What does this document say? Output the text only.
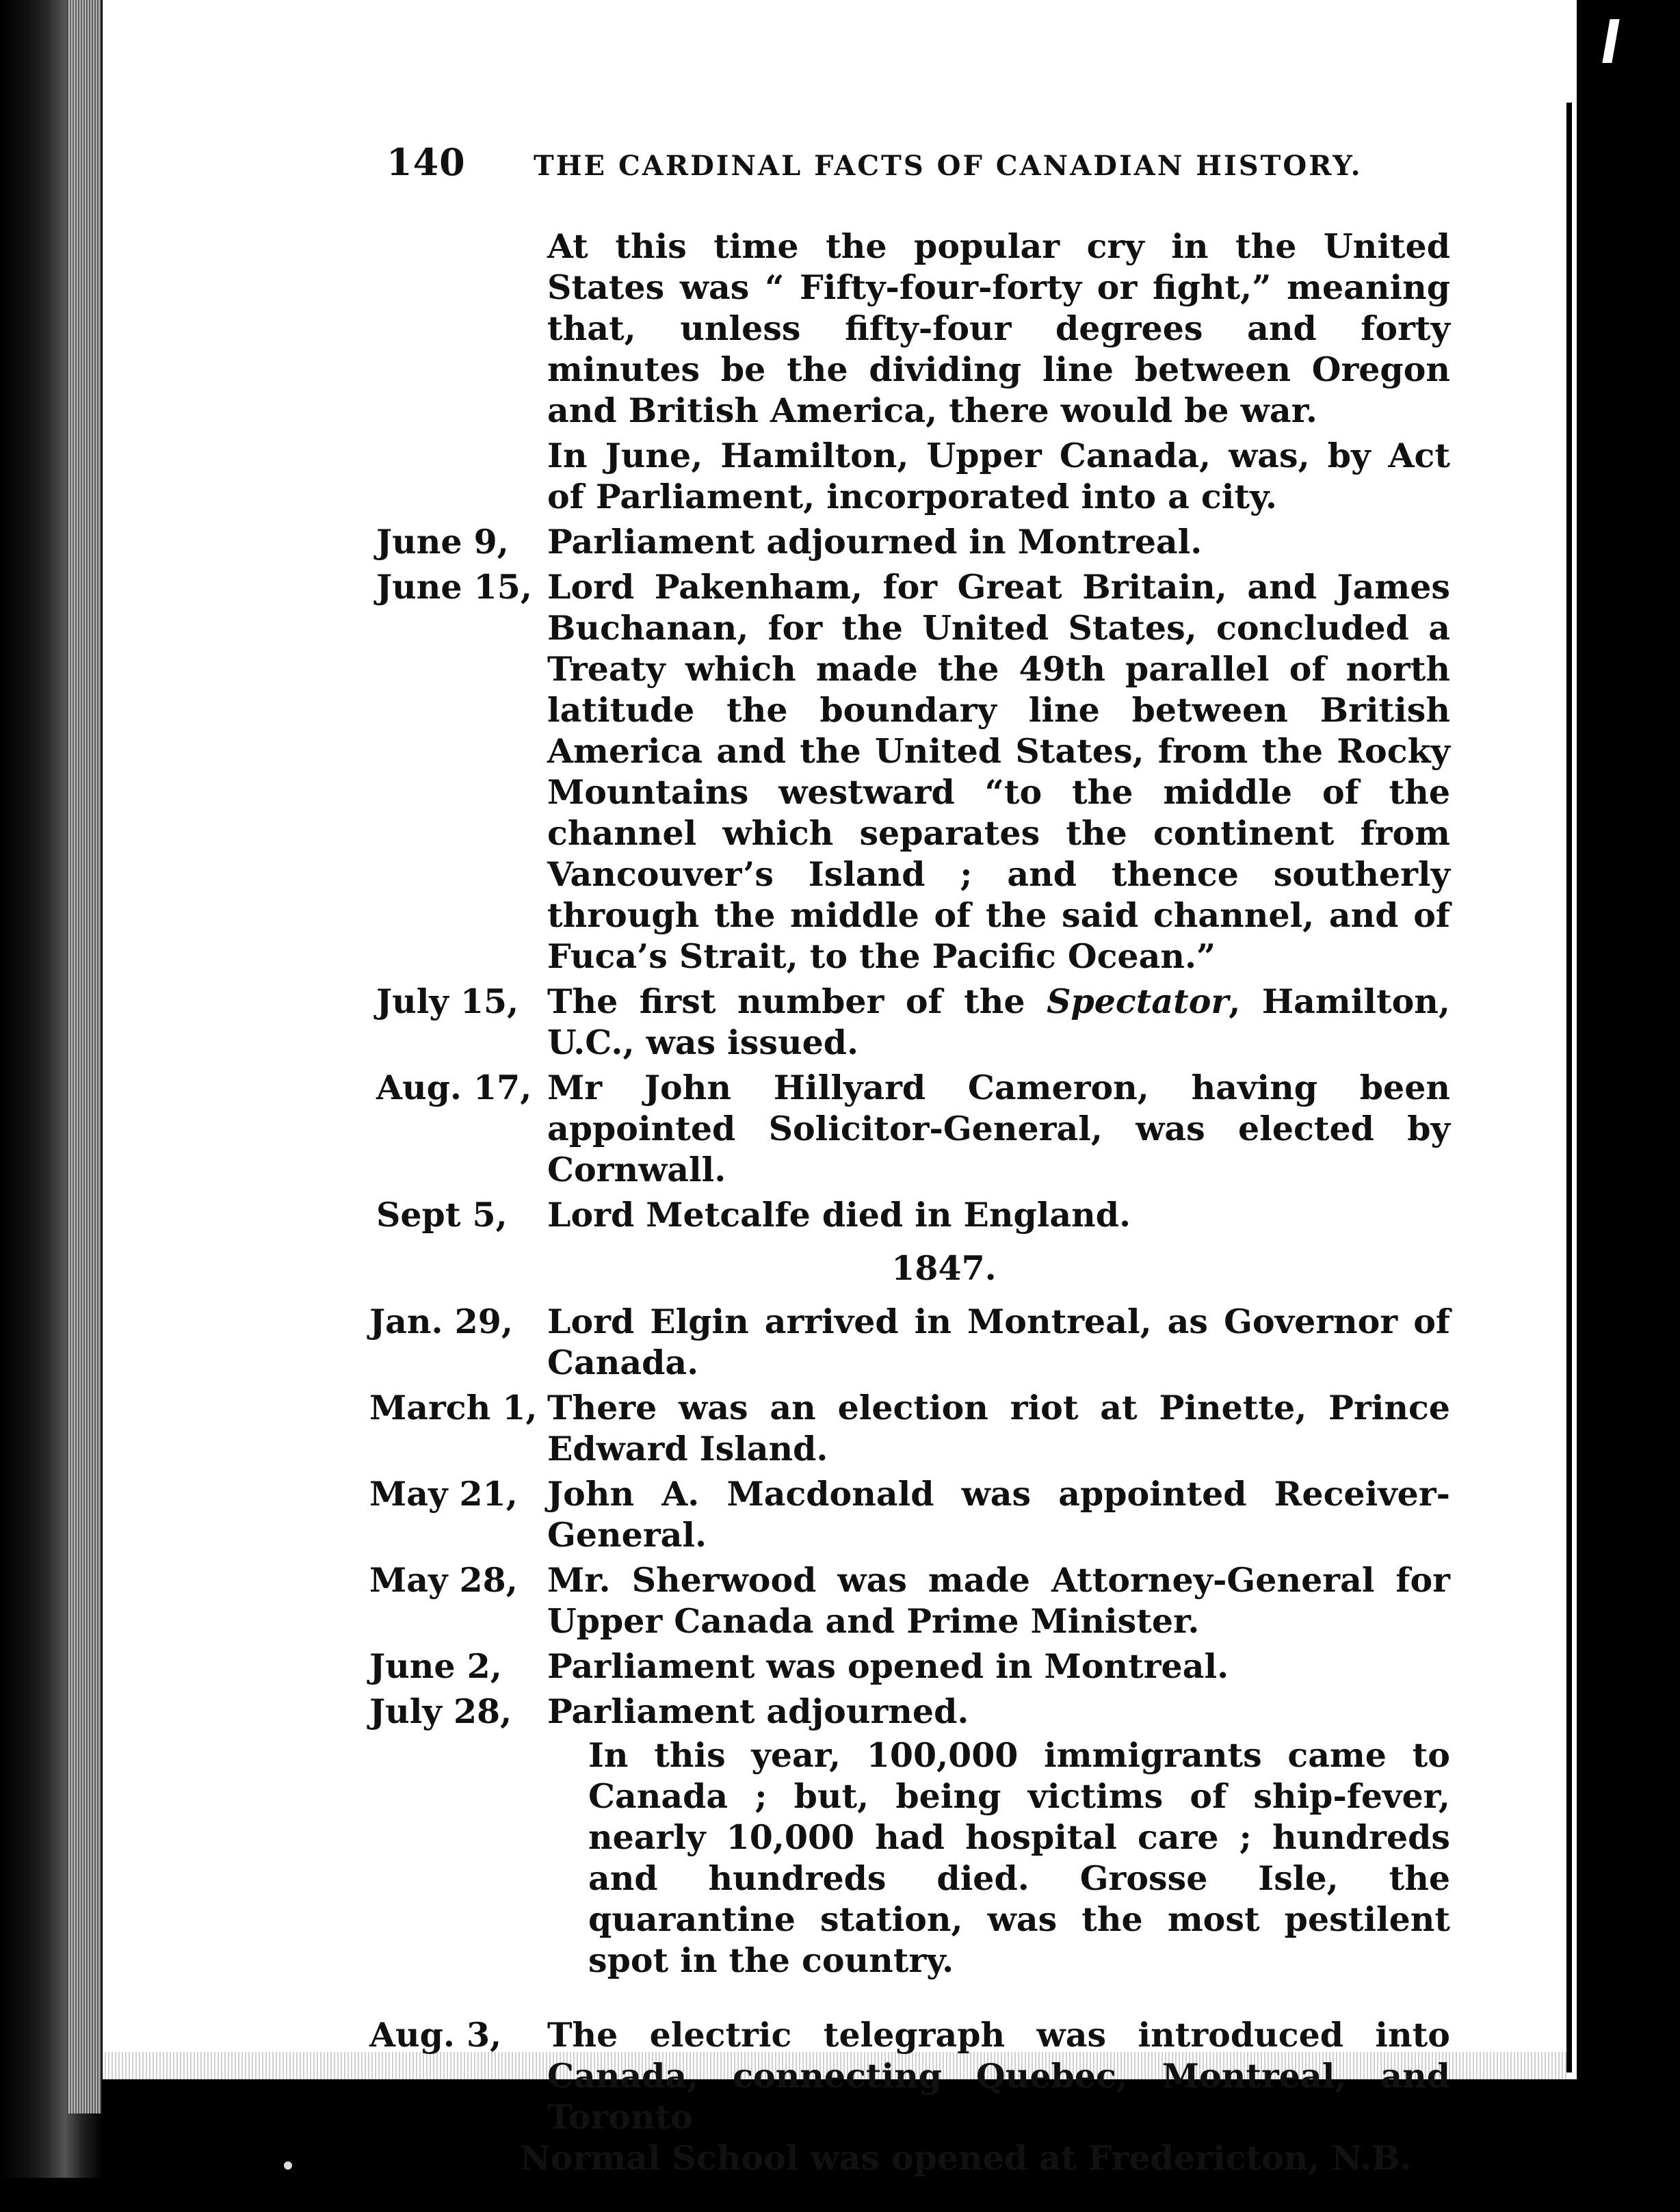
140 THE CARDINAL FACTS OF CANADIAN HISTORY.

At this time the popular cry in the United States was “ Fifty-four-forty or fight,” meaning that, unless fifty-four degrees and forty minutes be the dividing line between Oregon and British America, there would be war.

In June, Hamilton, Upper Canada, was, by Act of Parliament, incorporated into a city.

June 9, Parliament adjourned in Montreal.
June 15, Lord Pakenham, for Great Britain, and James Buchanan, for the United States, concluded a Treaty which made the 49th parallel of north latitude the boundary line between British America and the United States, from the Rocky Mountains westward “to the middle of the channel which separates the continent from Vancouver’s Island ; and thence southerly through the middle of the said channel, and of Fuca’s Strait, to the Pacific Ocean.”
July 15, The first number of the Spectator, Hamilton, U.C., was issued.
Aug. 17, Mr John Hillyard Cameron, having been appointed Solicitor-General, was elected by Cornwall.
Sept 5, Lord Metcalfe died in England.
1847.
Jan. 29, Lord Elgin arrived in Montreal, as Governor of Canada.
March 1, There was an election riot at Pinette, Prince Edward Island.
May 21, John A. Macdonald was appointed Receiver-General.
May 28, Mr. Sherwood was made Attorney-General for Upper Canada and Prime Minister.
June 2, Parliament was opened in Montreal.
July 28, Parliament adjourned.

In this year, 100,000 immigrants came to Canada ; but, being victims of ship-fever, nearly 10,000 had hospital care ; hundreds and hundreds died. Grosse Isle, the quarantine station, was the most pestilent spot in the country.

Aug. 3, The electric telegraph was introduced into Canada, connecting Quebec, Montreal, and Toronto

Normal School was opened at Fredericton, N.B.
